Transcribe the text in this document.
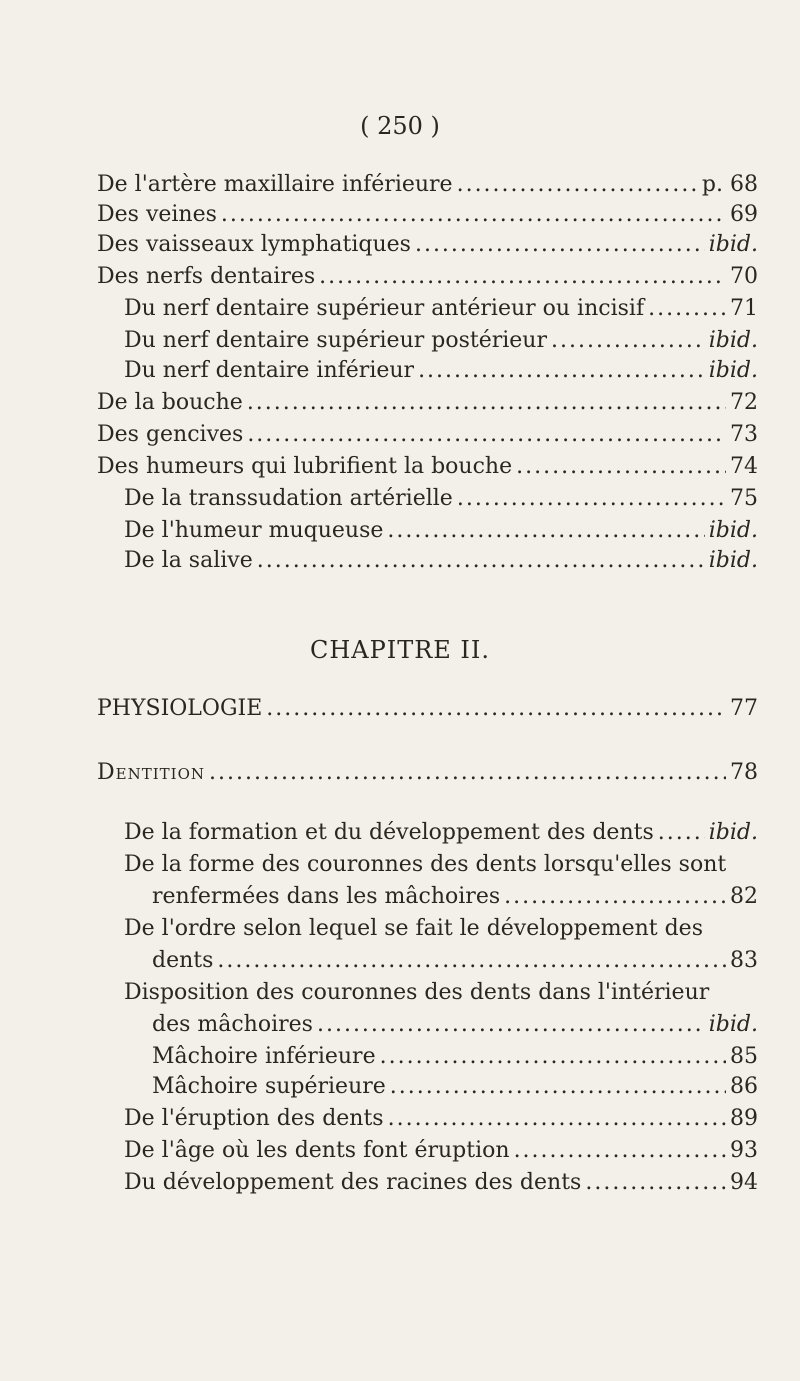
( 250 )
De l'artère maxillaire inférieure .....	p. 68
Des veines .....	69
Des vaisseaux lymphatiques .....	ibid.
Des nerfs dentaires .....	70
Du nerf dentaire supérieur antérieur ou incisif .....	71
Du nerf dentaire supérieur postérieur .....	ibid.
Du nerf dentaire inférieur .....	ibid.
De la bouche .....	72
Des gencives .....	73
Des humeurs qui lubrifient la bouche .....	74
De la transsudation artérielle .....	75
De l'humeur muqueuse .....	ibid.
De la salive .....	ibid.
CHAPITRE II.
PHYSIOLOGIE .....	77
Dentition .....	78
De la formation et du développement des dents .....	ibid.
De la forme des couronnes des dents lorsqu'elles sont
renfermées dans les mâchoires .....	82
De l'ordre selon lequel se fait le développement des
dents .....	83
Disposition des couronnes des dents dans l'intérieur
des mâchoires .....	ibid.
Mâchoire inférieure .....	85
Mâchoire supérieure .....	86
De l'éruption des dents .....	89
De l'âge où les dents font éruption .....	93
Du développement des racines des dents .....	94
